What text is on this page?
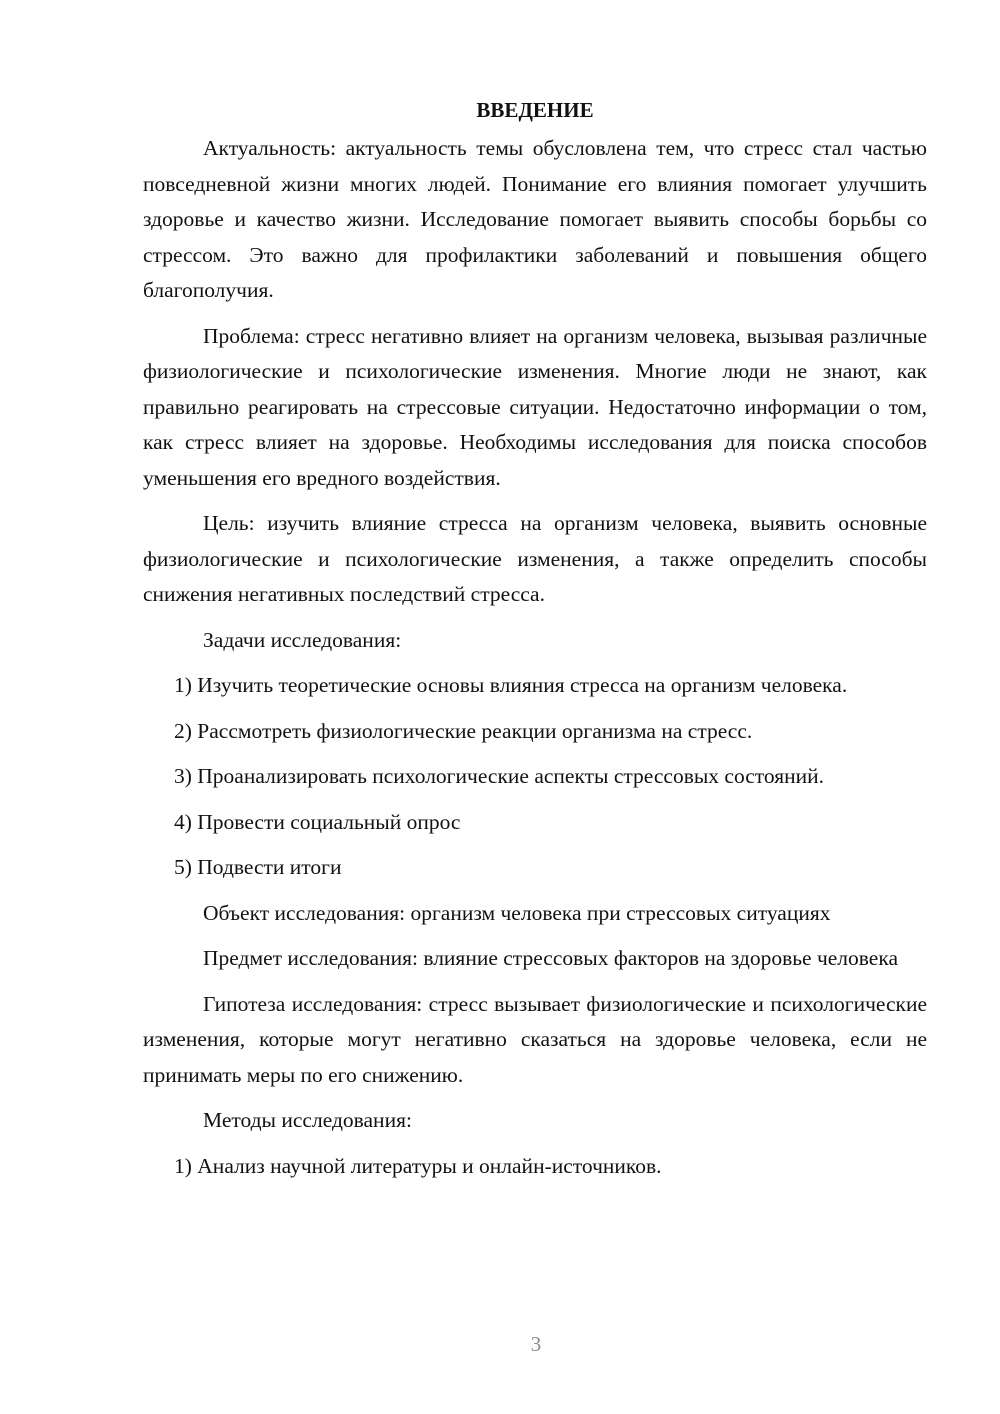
ВВЕДЕНИЕ

Актуальность: актуальность темы обусловлена тем, что стресс стал частью повседневной жизни многих людей. Понимание его влияния помогает улучшить здоровье и качество жизни. Исследование помогает выявить способы борьбы со стрессом. Это важно для профилактики заболеваний и повышения общего благополучия.

Проблема: стресс негативно влияет на организм человека, вызывая различные физиологические и психологические изменения. Многие люди не знают, как правильно реагировать на стрессовые ситуации. Недостаточно информации о том, как стресс влияет на здоровье. Необходимы исследования для поиска способов уменьшения его вредного воздействия.

Цель: изучить влияние стресса на организм человека, выявить основные физиологические и психологические изменения, а также определить способы снижения негативных последствий стресса.

Задачи исследования:

1) Изучить теоретические основы влияния стресса на организм человека.

2) Рассмотреть физиологические реакции организма на стресс.

3) Проанализировать психологические аспекты стрессовых состояний.

4) Провести социальный опрос

5) Подвести итоги

Объект исследования: организм человека при стрессовых ситуациях

Предмет исследования: влияние стрессовых факторов на здоровье человека

Гипотеза исследования: стресс вызывает физиологические и психологические изменения, которые могут негативно сказаться на здоровье человека, если не принимать меры по его снижению.

Методы исследования:

1) Анализ научной литературы и онлайн-источников.

3
